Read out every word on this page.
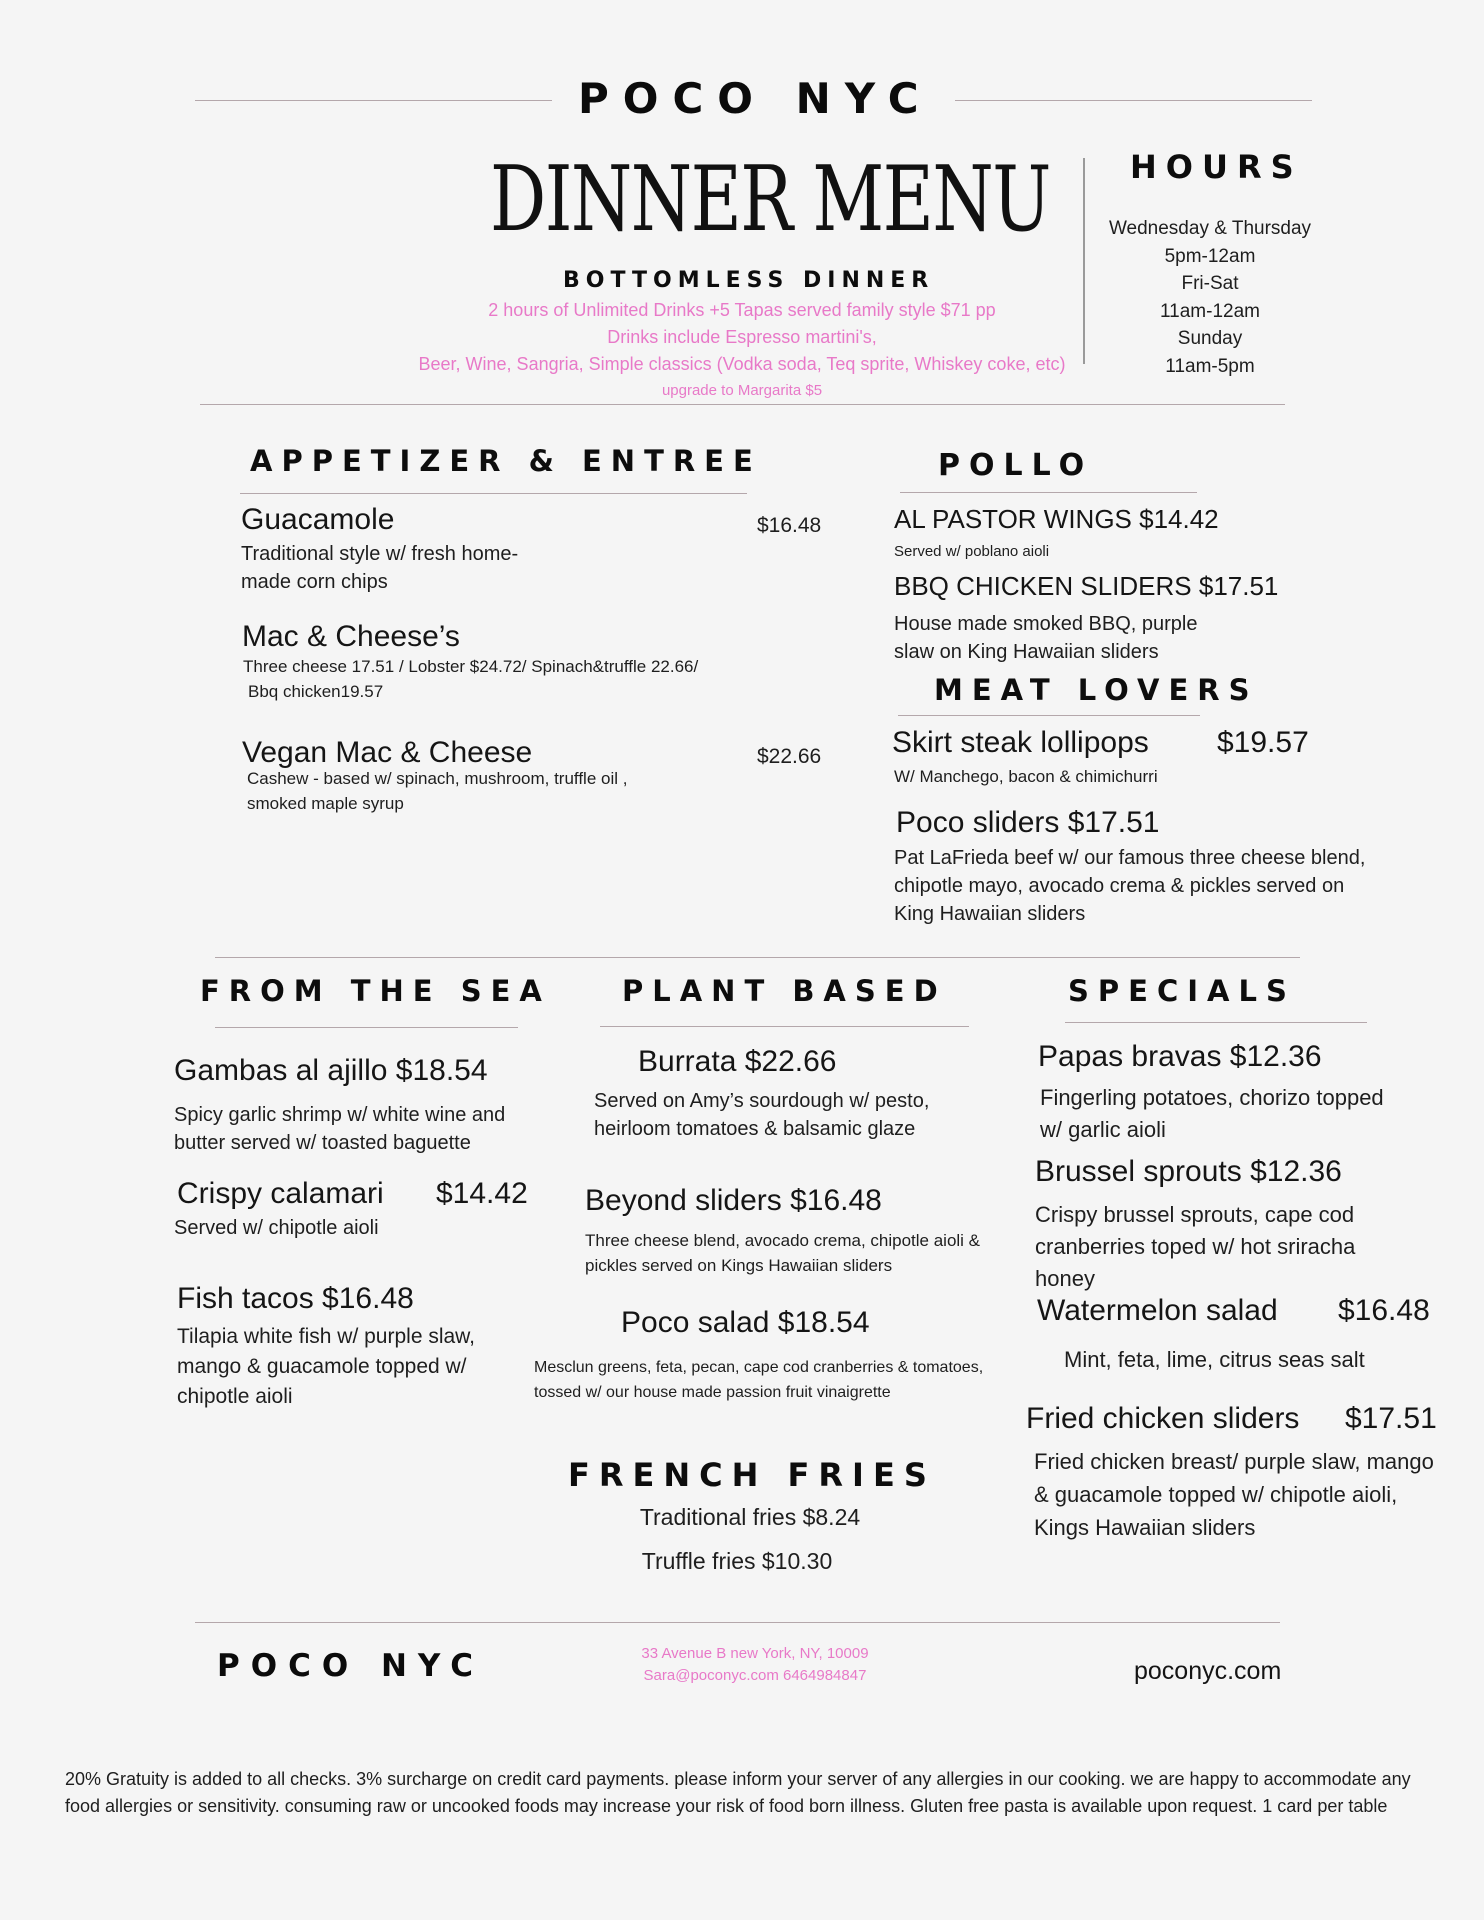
POCO NYC
DINNER MENU
BOTTOMLESS DINNER
2 hours of Unlimited Drinks +5 Tapas served family style $71 pp
Drinks include Espresso martini's,
Beer, Wine, Sangria, Simple classics (Vodka soda, Teq sprite, Whiskey coke, etc)
upgrade to Margarita $5
HOURS
Wednesday & Thursday
5pm-12am
Fri-Sat
11am-12am
Sunday
11am-5pm
APPETIZER & ENTREE
Guacamole	$16.48
Traditional style w/ fresh home-
made corn chips
Mac & Cheese’s
Three cheese 17.51 / Lobster $24.72/ Spinach&truffle 22.66/
Bbq chicken19.57
Vegan Mac & Cheese	$22.66
Cashew - based w/ spinach, mushroom, truffle oil ,
smoked maple syrup
POLLO
AL PASTOR WINGS $14.42
Served w/ poblano aioli
BBQ CHICKEN SLIDERS $17.51
House made smoked BBQ, purple
slaw on King Hawaiian sliders
MEAT LOVERS
Skirt steak lollipops $19.57
W/ Manchego, bacon & chimichurri
Poco sliders $17.51
Pat LaFrieda beef w/ our famous three cheese blend,
chipotle mayo, avocado crema & pickles served on
King Hawaiian sliders
FROM THE SEA
Gambas al ajillo $18.54
Spicy garlic shrimp w/ white wine and
butter served w/ toasted baguette
Crispy calamari $14.42
Served w/ chipotle aioli
Fish tacos $16.48
Tilapia white fish w/ purple slaw,
mango & guacamole topped w/
chipotle aioli
PLANT BASED
Burrata $22.66
Served on Amy’s sourdough w/ pesto,
heirloom tomatoes & balsamic glaze
Beyond sliders $16.48
Three cheese blend, avocado crema, chipotle aioli &
pickles served on Kings Hawaiian sliders
Poco salad $18.54
Mesclun greens, feta, pecan, cape cod cranberries & tomatoes,
tossed w/ our house made passion fruit vinaigrette
FRENCH FRIES
Traditional fries $8.24
Truffle fries $10.30
SPECIALS
Papas bravas $12.36
Fingerling potatoes, chorizo topped
w/ garlic aioli
Brussel sprouts $12.36
Crispy brussel sprouts, cape cod
cranberries toped w/ hot sriracha
honey
Watermelon salad $16.48
Mint, feta, lime, citrus seas salt
Fried chicken sliders $17.51
Fried chicken breast/ purple slaw, mango
& guacamole topped w/ chipotle aioli,
Kings Hawaiian sliders
POCO NYC	33 Avenue B new York, NY, 10009
Sara@poconyc.com 6464984847	poconyc.com
20% Gratuity is added to all checks. 3% surcharge on credit card payments. please inform your server of any allergies in our cooking. we are happy to accommodate any
food allergies or sensitivity. consuming raw or uncooked foods may increase your risk of food born illness. Gluten free pasta is available upon request. 1 card per table
